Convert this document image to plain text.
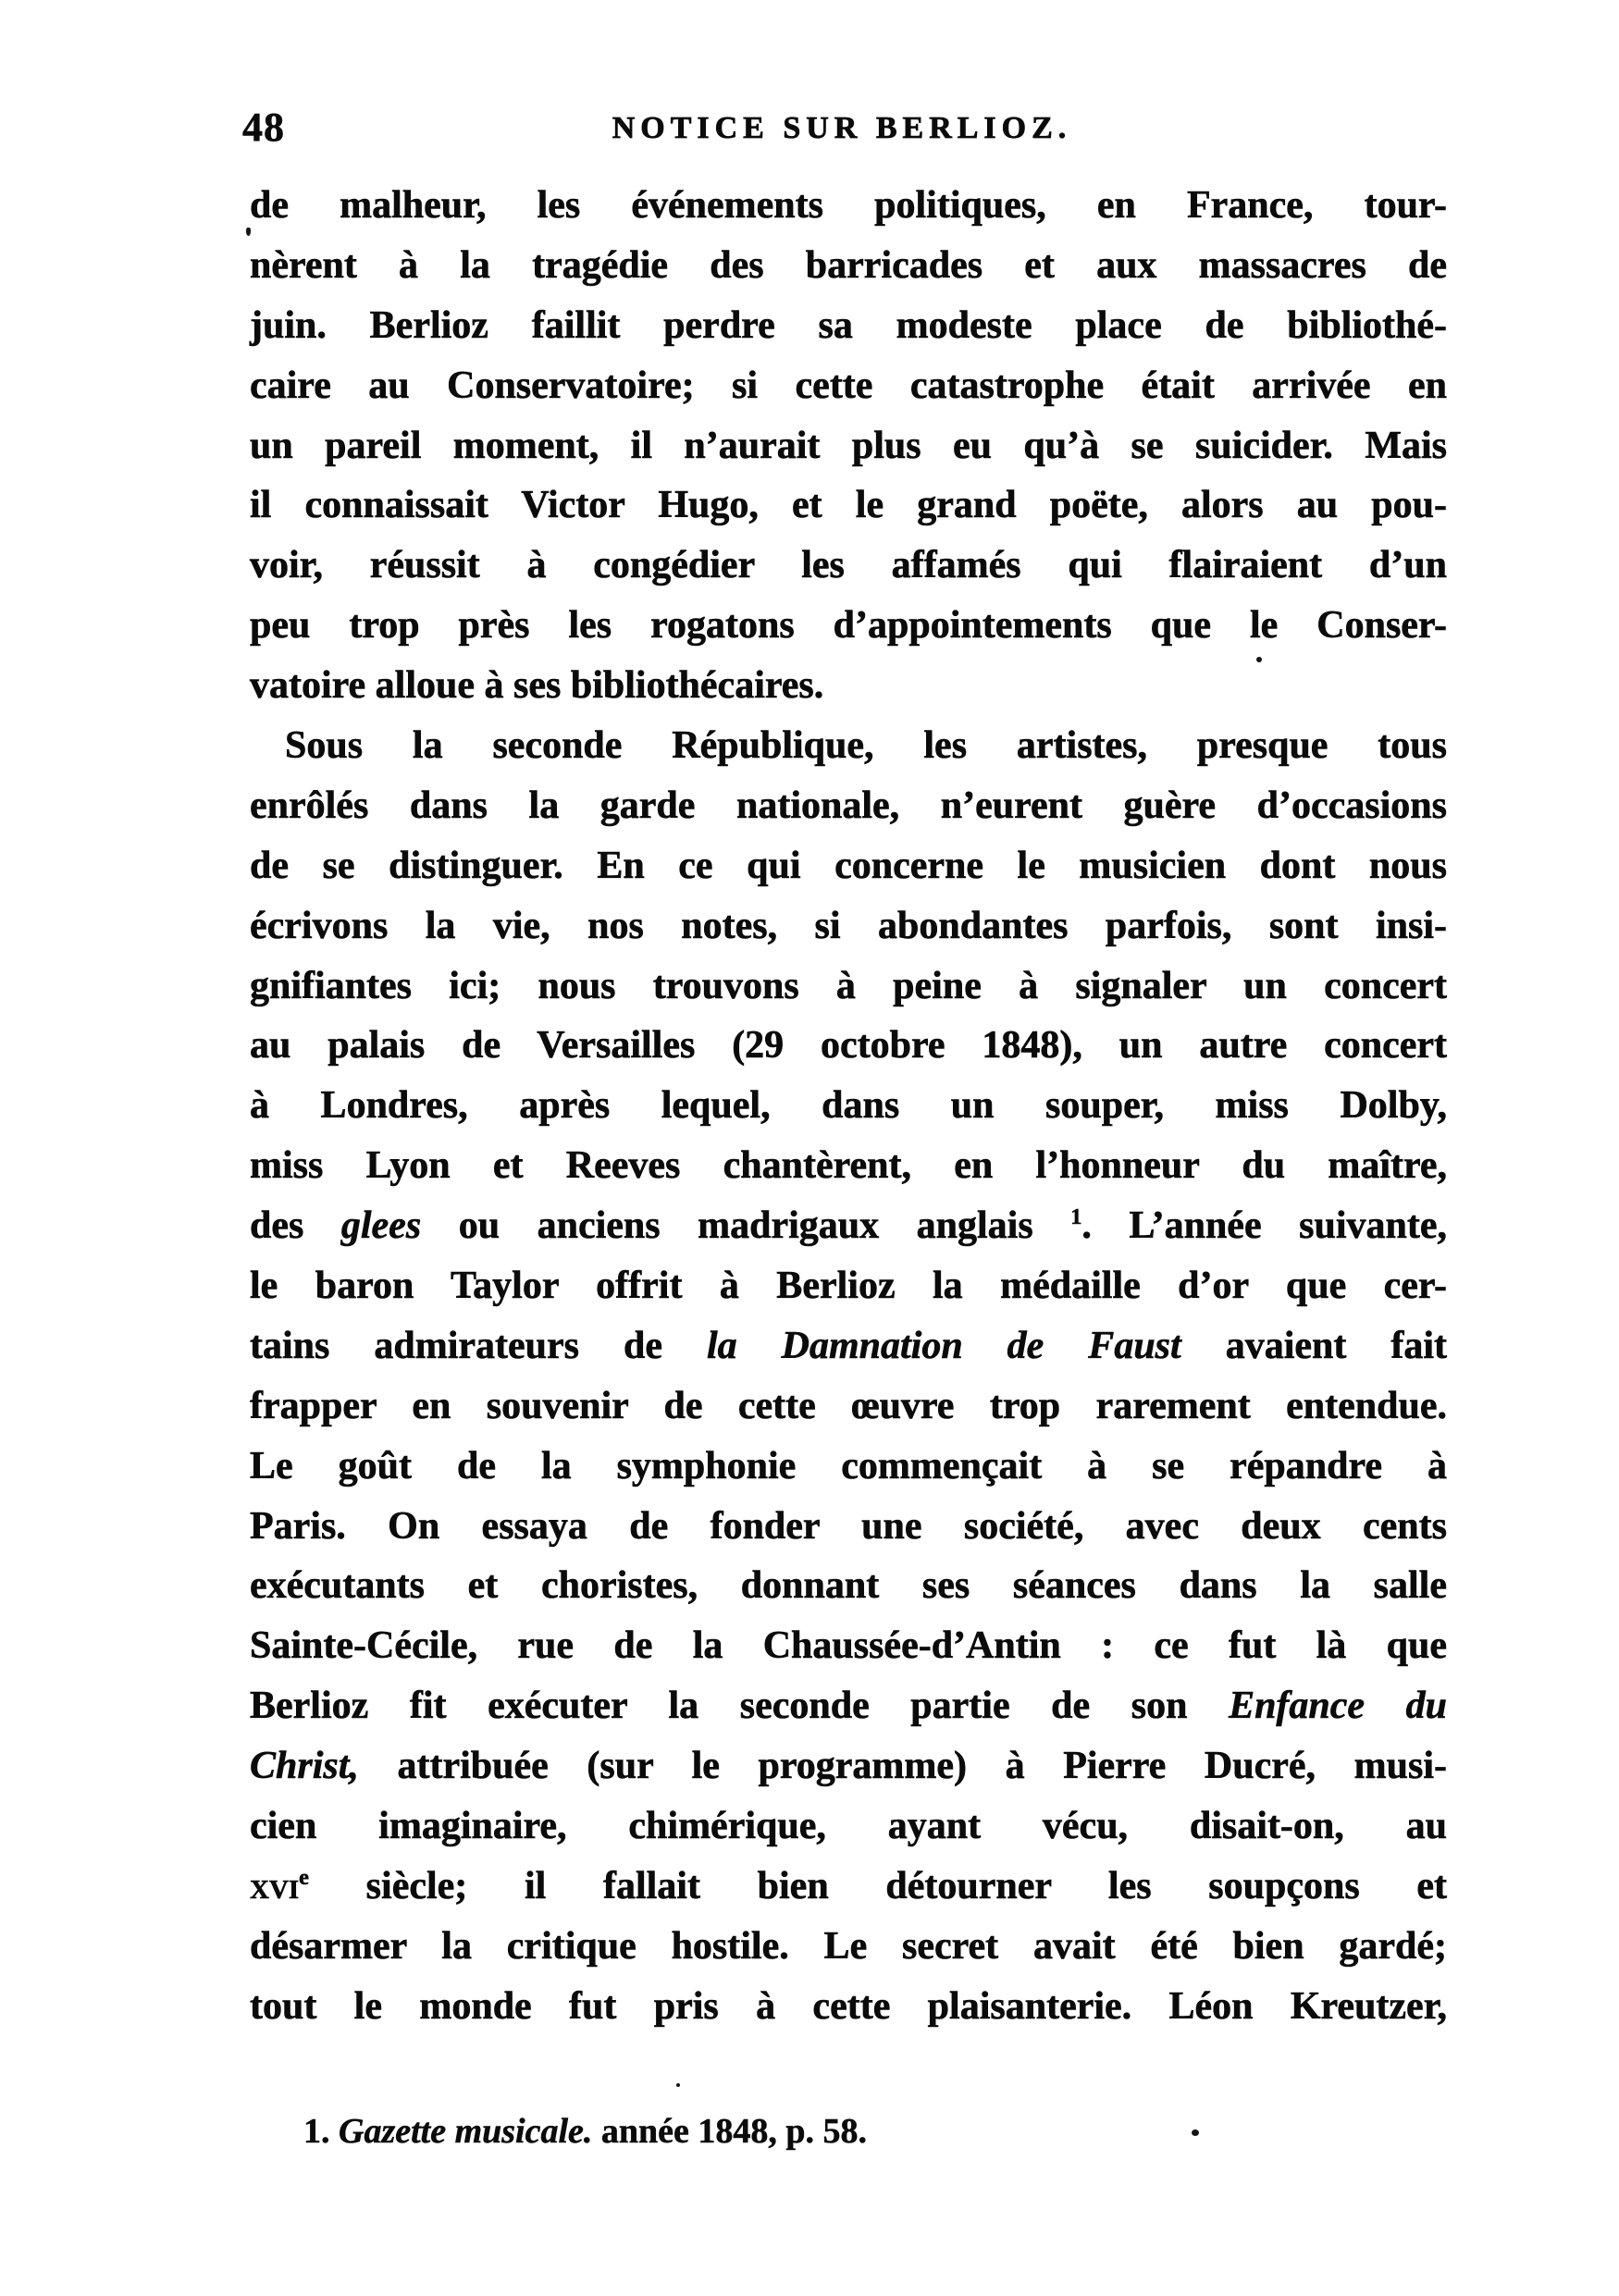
48	NOTICE SUR BERLIOZ.
de malheur, les événements politiques, en France, tour-
nèrent à la tragédie des barricades et aux massacres de
juin. Berlioz faillit perdre sa modeste place de bibliothé-
caire au Conservatoire; si cette catastrophe était arrivée en
un pareil moment, il n’aurait plus eu qu’à se suicider. Mais
il connaissait Victor Hugo, et le grand poëte, alors au pou-
voir, réussit à congédier les affamés qui flairaient d’un
peu trop près les rogatons d’appointements que le Conser-
vatoire alloue à ses bibliothécaires.
Sous la seconde République, les artistes, presque tous
enrôlés dans la garde nationale, n’eurent guère d’occasions
de se distinguer. En ce qui concerne le musicien dont nous
écrivons la vie, nos notes, si abondantes parfois, sont insi-
gnifiantes ici; nous trouvons à peine à signaler un concert
au palais de Versailles (29 octobre 1848), un autre concert
à Londres, après lequel, dans un souper, miss Dolby,
miss Lyon et Reeves chantèrent, en l’honneur du maître,
des glees ou anciens madrigaux anglais $^1$. L’année suivante,
le baron Taylor offrit à Berlioz la médaille d’or que cer-
tains admirateurs de la Damnation de Faust avaient fait
frapper en souvenir de cette œuvre trop rarement entendue.
Le goût de la symphonie commençait à se répandre à
Paris. On essaya de fonder une société, avec deux cents
exécutants et choristes, donnant ses séances dans la salle
Sainte-Cécile, rue de la Chaussée-d’Antin : ce fut là que
Berlioz fit exécuter la seconde partie de son Enfance du
Christ, attribuée (sur le programme) à Pierre Ducré, musi-
cien imaginaire, chimérique, ayant vécu, disait-on, au
xvi$^e$ siècle; il fallait bien détourner les soupçons et
désarmer la critique hostile. Le secret avait été bien gardé;
tout le monde fut pris à cette plaisanterie. Léon Kreutzer,
1. Gazette musicale. année 1848, p. 58.
